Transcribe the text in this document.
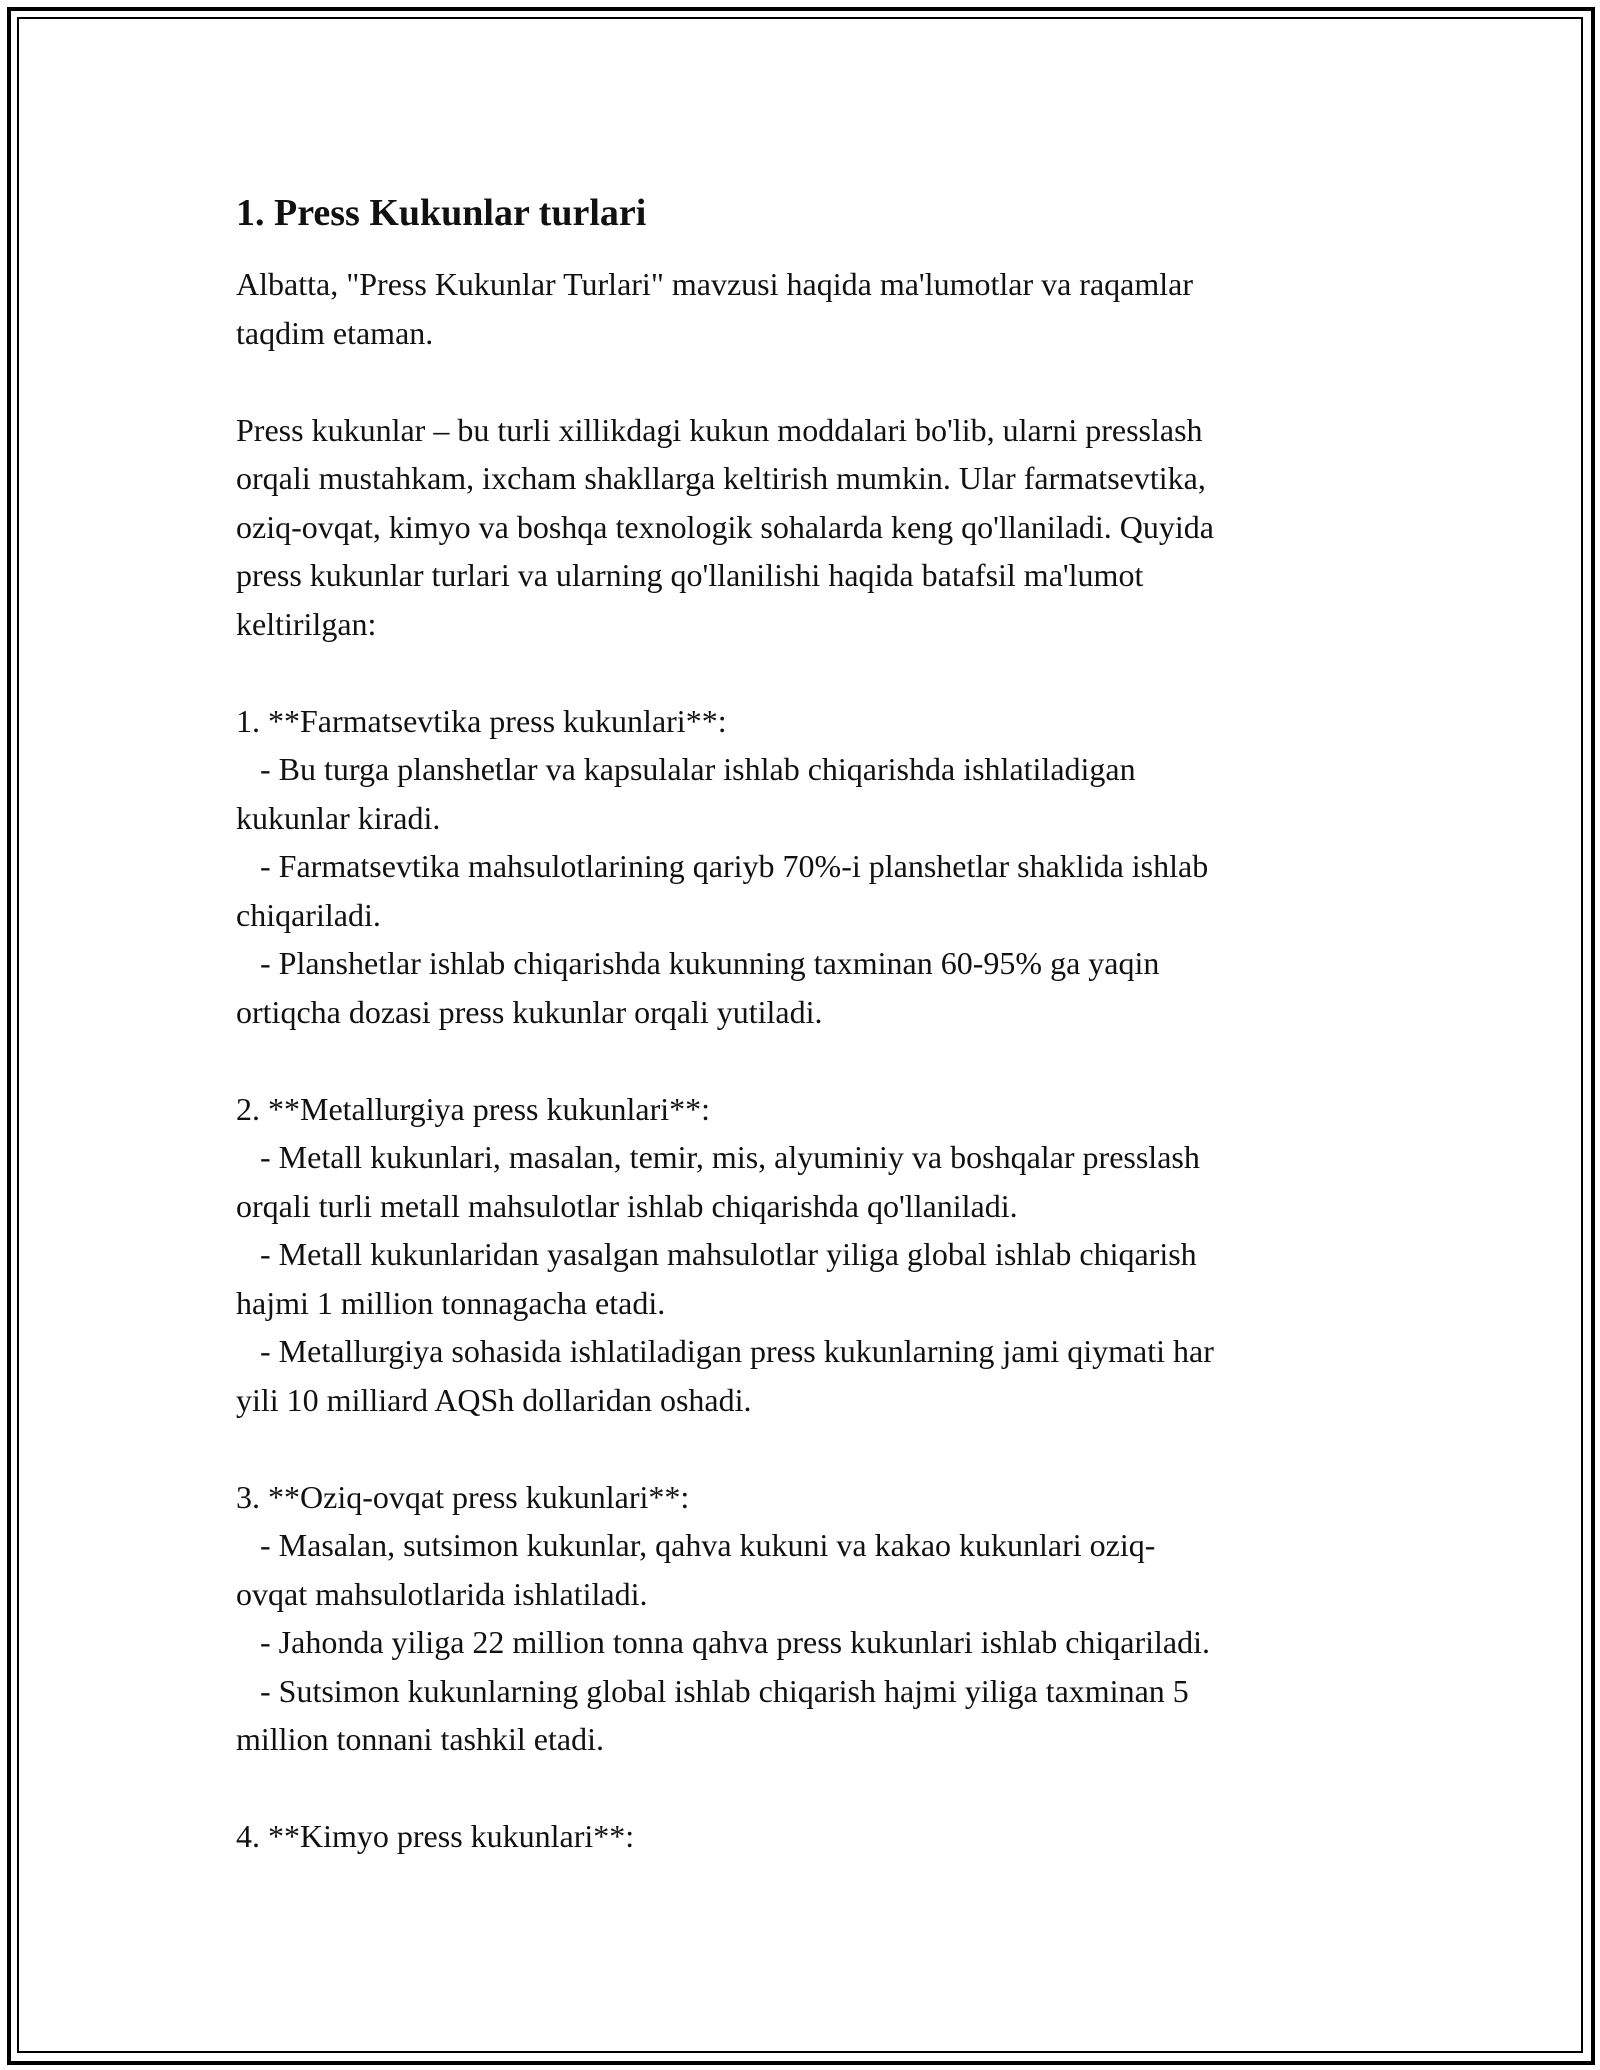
1. Press Kukunlar turlari
Albatta, "Press Kukunlar Turlari" mavzusi haqida ma'lumotlar va raqamlar
taqdim etaman.
Press kukunlar – bu turli xillikdagi kukun moddalari bo'lib, ularni presslash
orqali mustahkam, ixcham shakllarga keltirish mumkin. Ular farmatsevtika,
oziq-ovqat, kimyo va boshqa texnologik sohalarda keng qo'llaniladi. Quyida
press kukunlar turlari va ularning qo'llanilishi haqida batafsil ma'lumot
keltirilgan:
1. **Farmatsevtika press kukunlari**:
- Bu turga planshetlar va kapsulalar ishlab chiqarishda ishlatiladigan
kukunlar kiradi.
- Farmatsevtika mahsulotlarining qariyb 70%-i planshetlar shaklida ishlab
chiqariladi.
- Planshetlar ishlab chiqarishda kukunning taxminan 60-95% ga yaqin
ortiqcha dozasi press kukunlar orqali yutiladi.
2. **Metallurgiya press kukunlari**:
- Metall kukunlari, masalan, temir, mis, alyuminiy va boshqalar presslash
orqali turli metall mahsulotlar ishlab chiqarishda qo'llaniladi.
- Metall kukunlaridan yasalgan mahsulotlar yiliga global ishlab chiqarish
hajmi 1 million tonnagacha etadi.
- Metallurgiya sohasida ishlatiladigan press kukunlarning jami qiymati har
yili 10 milliard AQSh dollaridan oshadi.
3. **Oziq-ovqat press kukunlari**:
- Masalan, sutsimon kukunlar, qahva kukuni va kakao kukunlari oziq-
ovqat mahsulotlarida ishlatiladi.
- Jahonda yiliga 22 million tonna qahva press kukunlari ishlab chiqariladi.
- Sutsimon kukunlarning global ishlab chiqarish hajmi yiliga taxminan 5
million tonnani tashkil etadi.
4. **Kimyo press kukunlari**:
